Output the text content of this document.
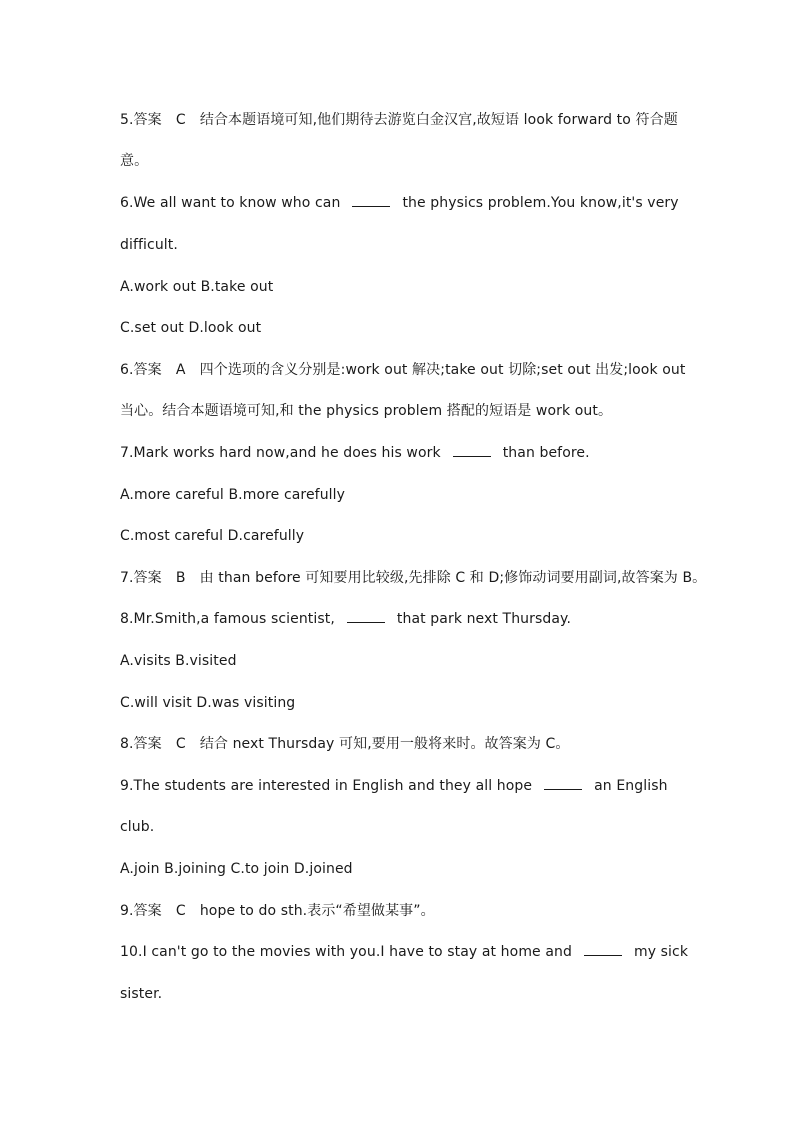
5.答案　C　结合本题语境可知,他们期待去游览白金汉宫,故短语 look forward to 符合题
意。
6.We all want to know who can	the physics problem.You know,it's very
difficult.
A.work out B.take out
C.set out D.look out
6.答案　A　四个选项的含义分别是:work out 解决;take out 切除;set out 出发;look out
当心。结合本题语境可知,和 the physics problem 搭配的短语是 work out。
7.Mark works hard now,and he does his work	than before.
A.more careful B.more carefully
C.most careful D.carefully
7.答案　B　由 than before 可知要用比较级,先排除 C 和 D;修饰动词要用副词,故答案为 B。
8.Mr.Smith,a famous scientist,	that park next Thursday.
A.visits B.visited
C.will visit D.was visiting
8.答案　C　结合 next Thursday 可知,要用一般将来时。故答案为 C。
9.The students are interested in English and they all hope	an English
club.
A.join B.joining C.to join D.joined
9.答案　C　hope to do sth.表示“希望做某事”。
10.I can't go to the movies with you.I have to stay at home and	my sick
sister.
